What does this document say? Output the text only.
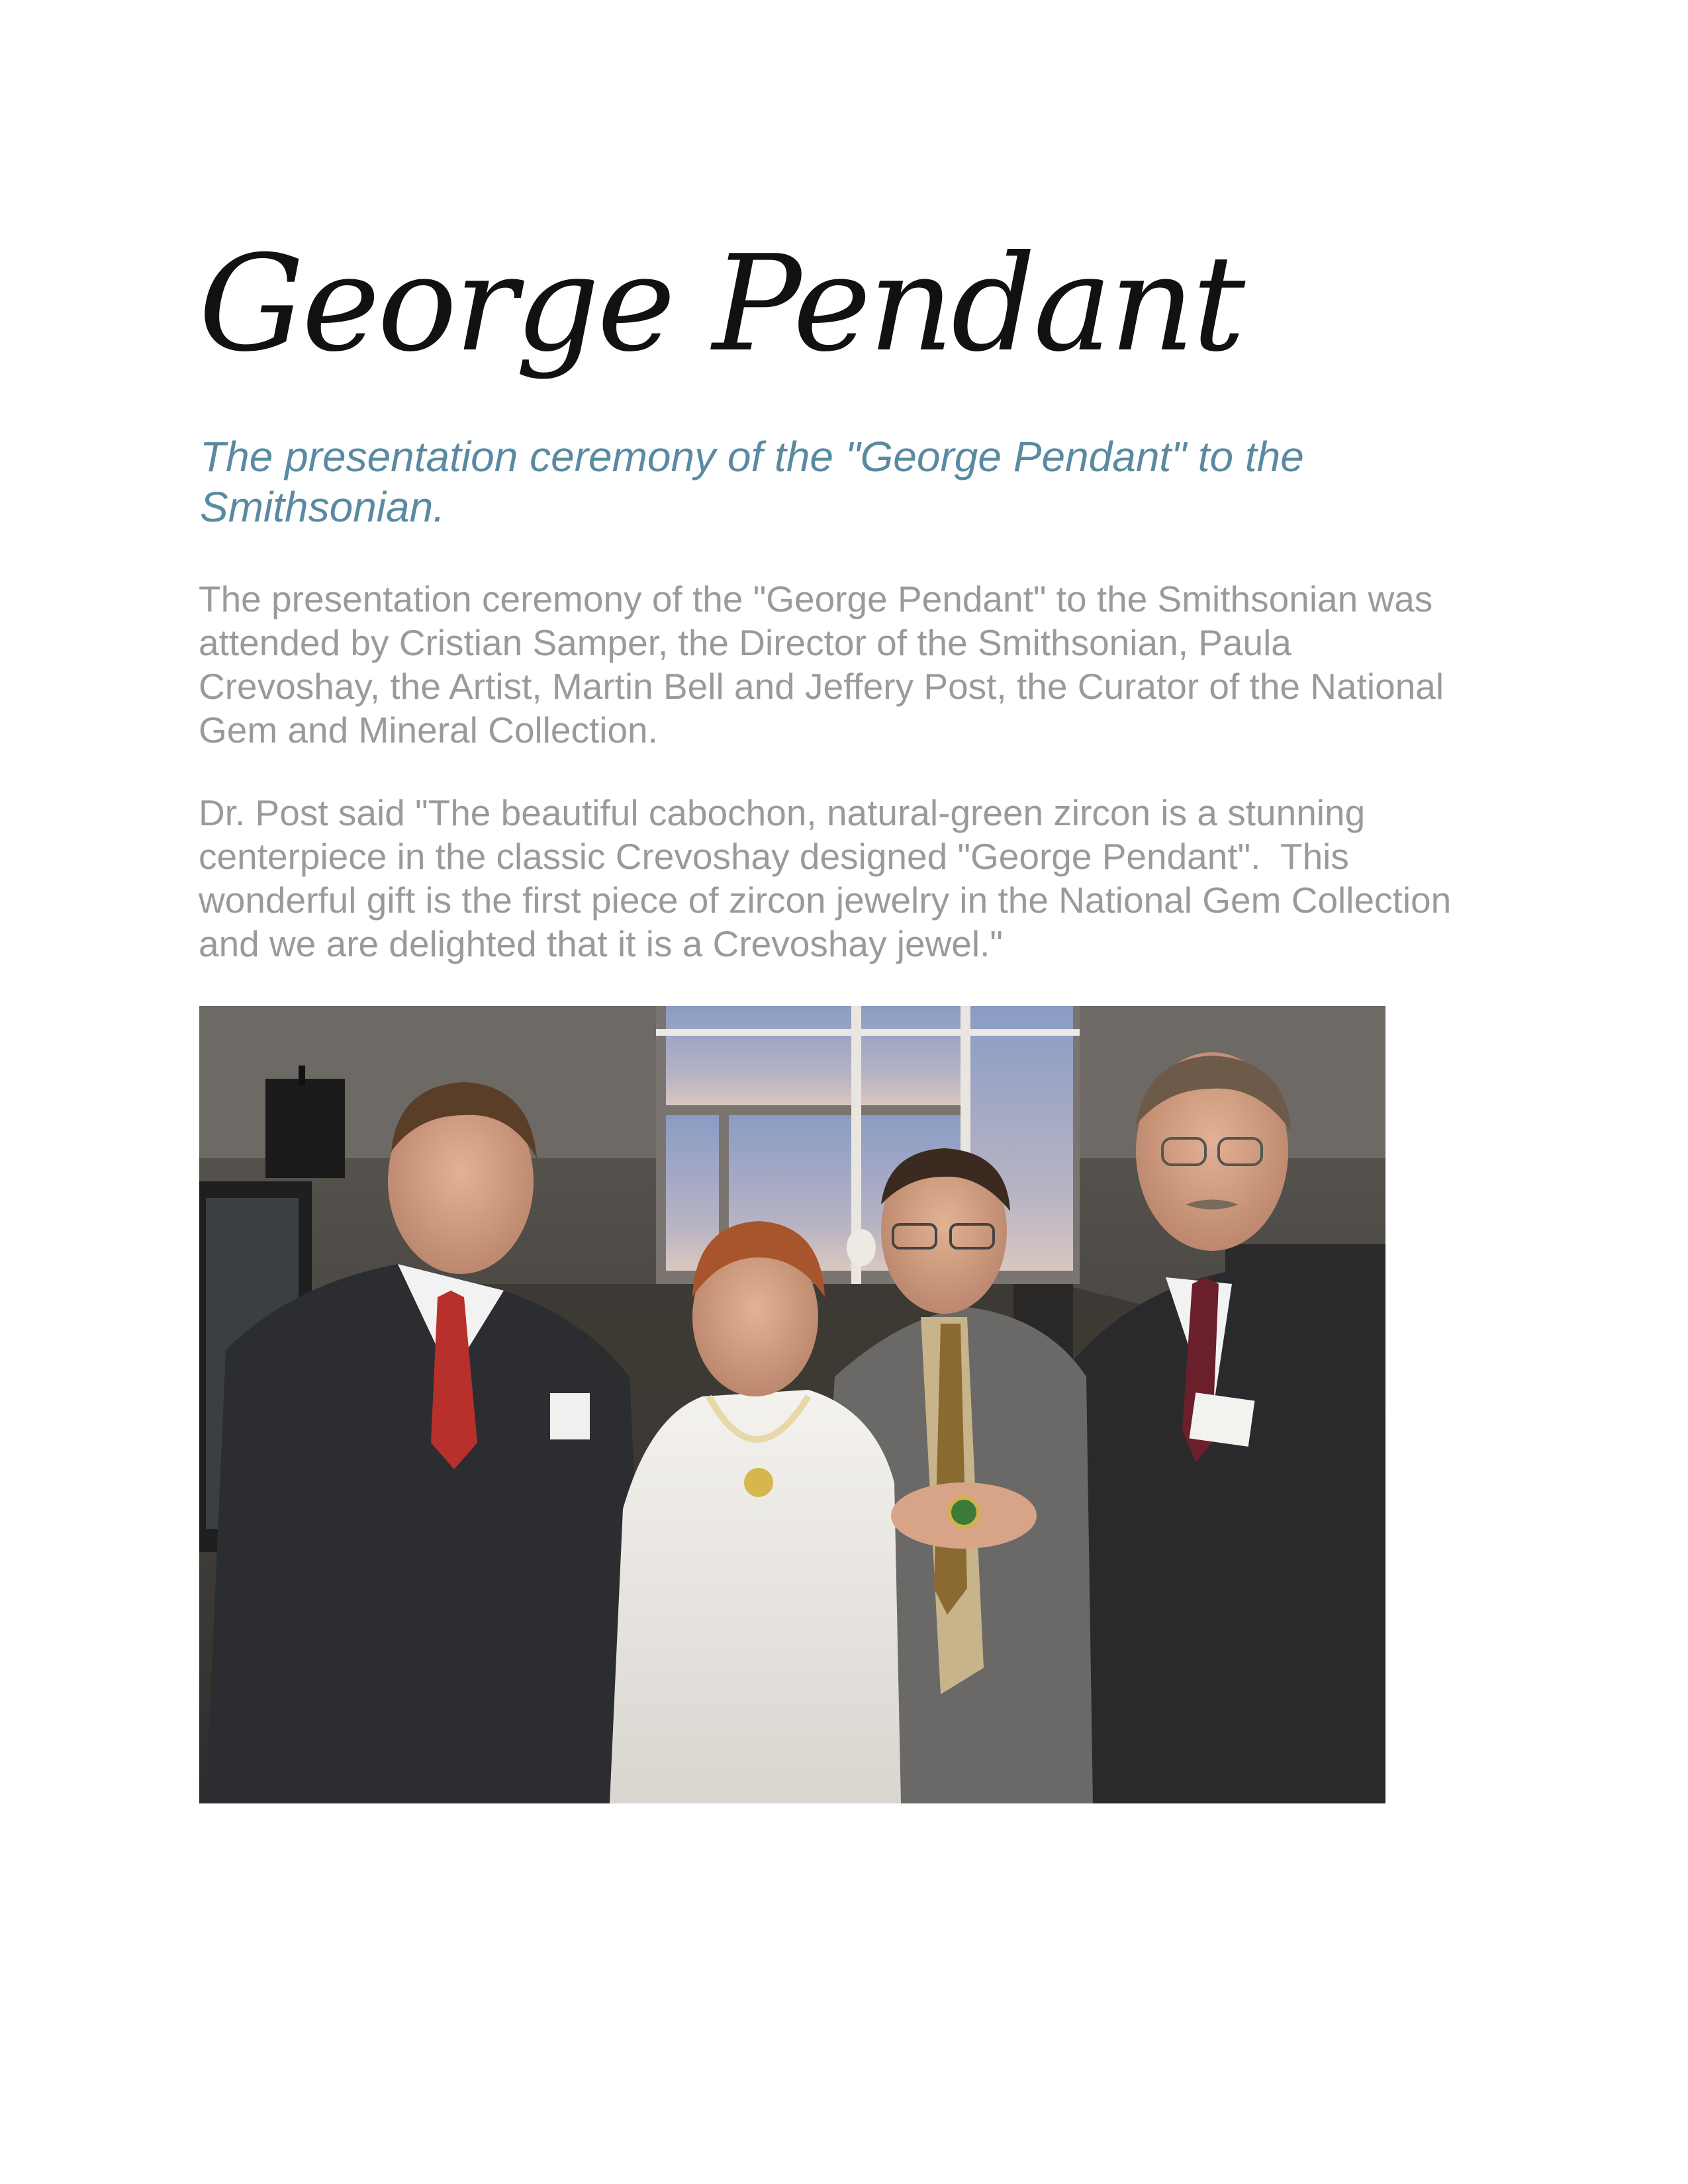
George Pendant
The presentation ceremony of the "George Pendant" to the Smithsonian.

The presentation ceremony of the "George Pendant" to the Smithsonian was attended by Cristian Samper, the Director of the Smithsonian, Paula Crevoshay, the Artist, Martin Bell and Jeffery Post, the Curator of the National Gem and Mineral Collection.

Dr. Post said "The beautiful cabochon, natural-green zircon is a stunning centerpiece in the classic Crevoshay designed "George Pendant".  This wonderful gift is the first piece of zircon jewelry in the National Gem Collection and we are delighted that it is a Crevoshay jewel."
